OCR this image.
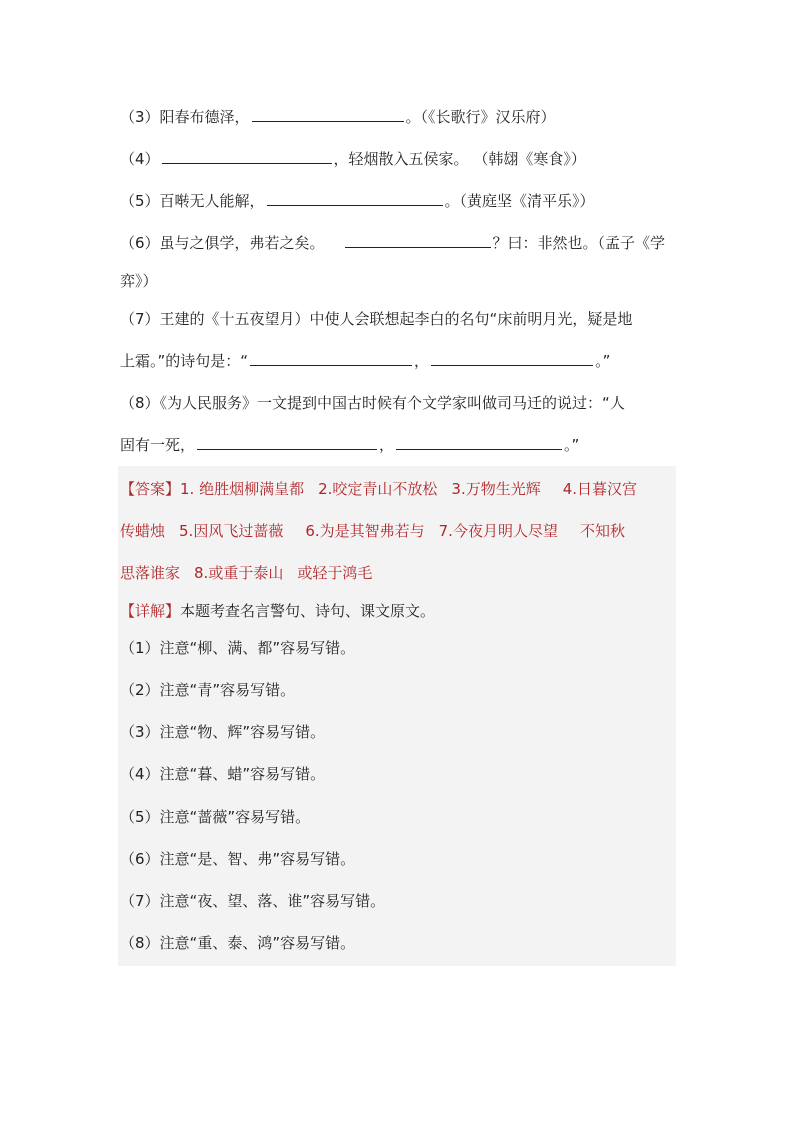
（3）阳春布德泽，	。（《长歌行》汉乐府）
（4）	，轻烟散入五侯家。 （韩翃《寒食》）
（5）百啭无人能解，	。（黄庭坚《清平乐》）
（6）虽与之俱学，弗若之矣。	？曰：非然也。（孟子《学
弈》）
（7）王建的《十五夜望月）中使人会联想起李白的名句“床前明月光，疑是地
上霜。”的诗句是：“	，	。”
（8）《为人民服务》一文提到中国古时候有个文学家叫做司马迁的说过：“人
固有一死，	，	。”
【答案】1. 绝胜烟柳满皇都 2.咬定青山不放松 3.万物生光辉 4.日暮汉宫
传蜡烛 5.因风飞过蔷薇 6.为是其智弗若与 7.今夜月明人尽望 不知秋
思落谁家 8.或重于泰山 或轻于鸿毛
【详解】本题考查名言警句、诗句、课文原文。
（1）注意“柳、满、都”容易写错。
（2）注意“青”容易写错。
（3）注意“物、辉”容易写错。
（4）注意“暮、蜡”容易写错。
（5）注意“蔷薇”容易写错。
（6）注意“是、智、弗”容易写错。
（7）注意“夜、望、落、谁”容易写错。
（8）注意“重、泰、鸿”容易写错。
